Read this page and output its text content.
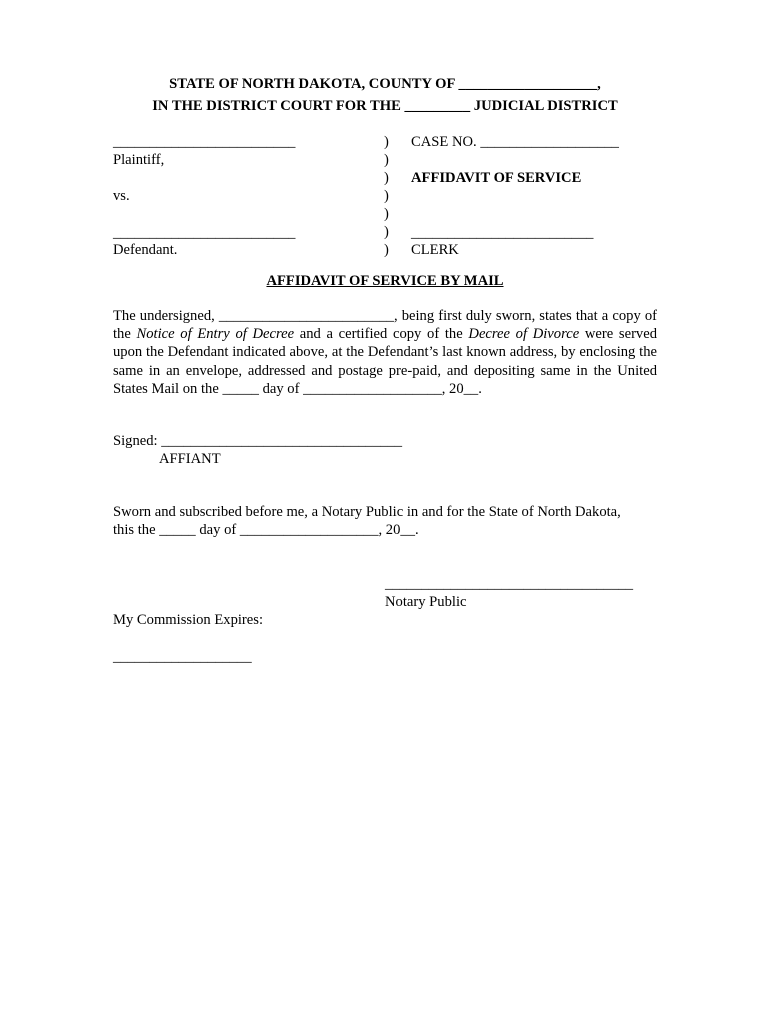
STATE OF NORTH DAKOTA, COUNTY OF ___________________,
IN THE DISTRICT COURT FOR THE _________ JUDICIAL DISTRICT
_________________________
Plaintiff,
vs.
_________________________
Defendant.
)
)
)
)
)
)
)
CASE NO. ___________________
AFFIDAVIT OF SERVICE
_________________________
CLERK
AFFIDAVIT OF SERVICE BY MAIL
The undersigned, ________________________, being first duly sworn, states that a copy of the Notice of Entry of Decree and a certified copy of the Decree of Divorce were served upon the Defendant indicated above, at the Defendant’s last known address, by enclosing the same in an envelope, addressed and postage pre-paid, and depositing same in the United States Mail on the _____ day of ___________________, 20__.
Signed: _________________________________
AFFIANT
Sworn and subscribed before me, a Notary Public in and for the State of North Dakota,
this the _____ day of ___________________, 20__.
__________________________________
Notary Public
My Commission Expires:
___________________
